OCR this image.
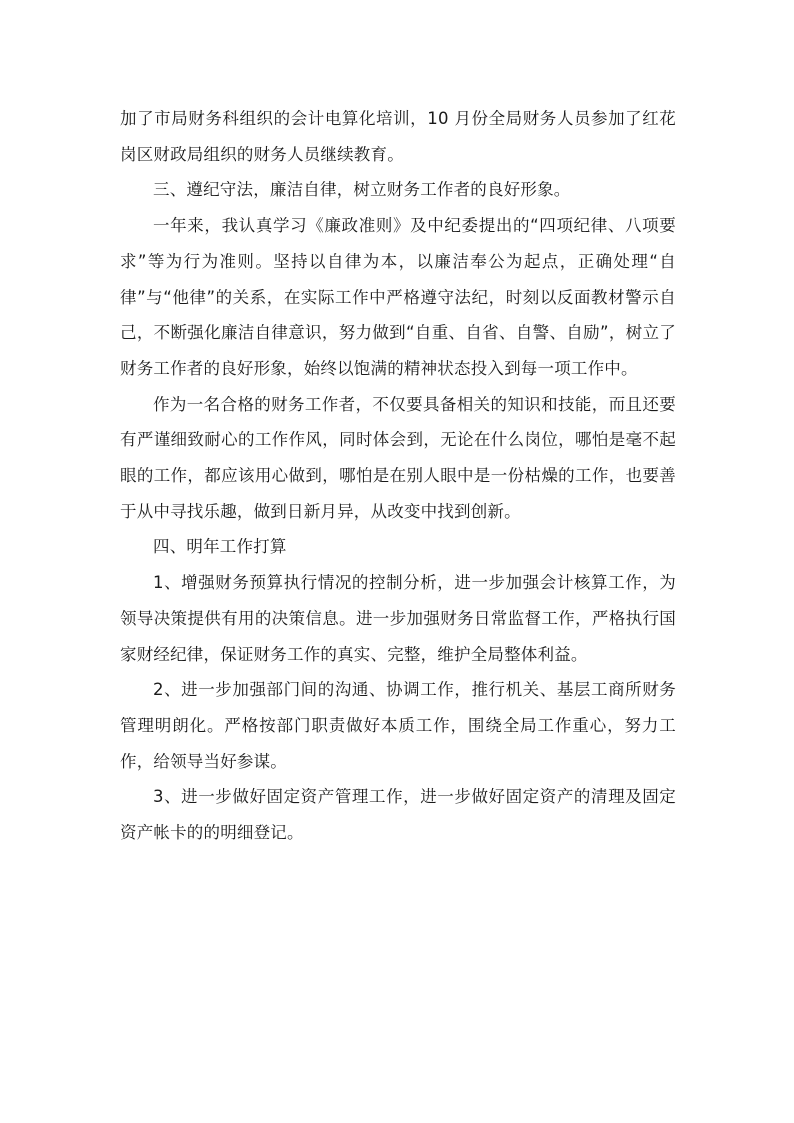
加了市局财务科组织的会计电算化培训，10 月份全局财务人员参加了红花岗区财政局组织的财务人员继续教育。

三、遵纪守法，廉洁自律，树立财务工作者的良好形象。

一年来，我认真学习《廉政准则》及中纪委提出的“四项纪律、八项要求”等为行为准则。坚持以自律为本，以廉洁奉公为起点，正确处理“自律”与“他律”的关系，在实际工作中严格遵守法纪，时刻以反面教材警示自己，不断强化廉洁自律意识，努力做到“自重、自省、自警、自励”，树立了财务工作者的良好形象，始终以饱满的精神状态投入到每一项工作中。

作为一名合格的财务工作者，不仅要具备相关的知识和技能，而且还要有严谨细致耐心的工作作风，同时体会到，无论在什么岗位，哪怕是毫不起眼的工作，都应该用心做到，哪怕是在别人眼中是一份枯燥的工作，也要善于从中寻找乐趣，做到日新月异，从改变中找到创新。

四、明年工作打算

1、增强财务预算执行情况的控制分析，进一步加强会计核算工作，为领导决策提供有用的决策信息。进一步加强财务日常监督工作，严格执行国家财经纪律，保证财务工作的真实、完整，维护全局整体利益。

2、进一步加强部门间的沟通、协调工作，推行机关、基层工商所财务管理明朗化。严格按部门职责做好本质工作，围绕全局工作重心，努力工作，给领导当好参谋。

3、进一步做好固定资产管理工作，进一步做好固定资产的清理及固定资产帐卡的的明细登记。
